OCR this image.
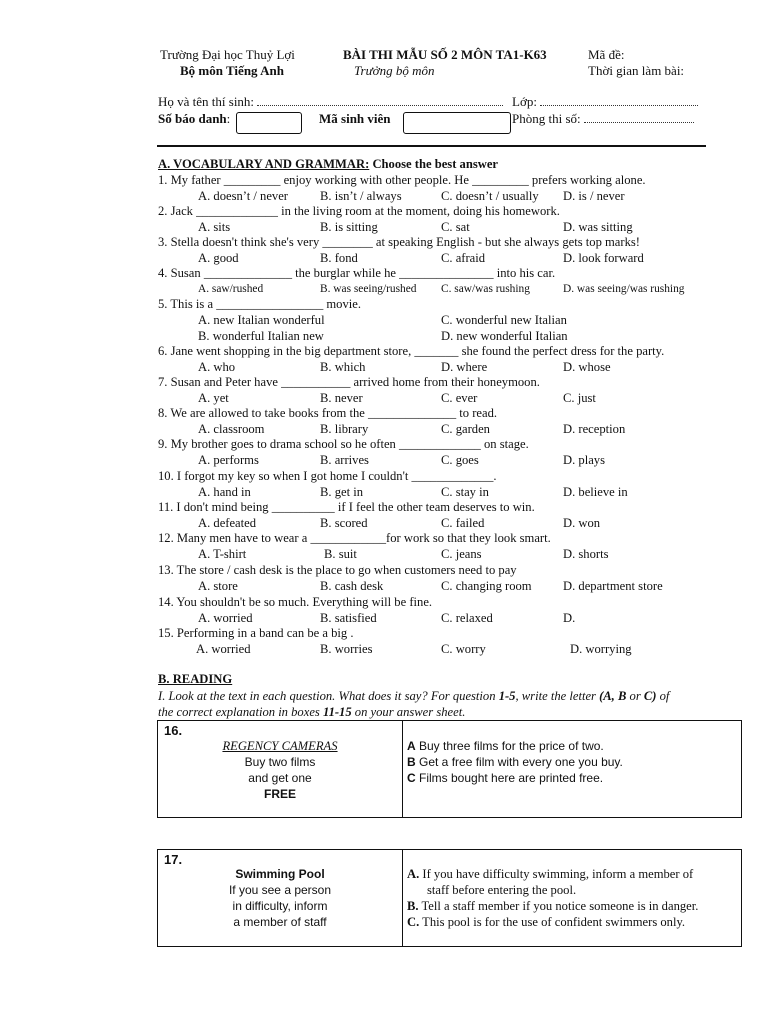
Trường Đại học Thuỷ Lợi
Bộ môn Tiếng Anh
BÀI THI MẪU SỐ 2 MÔN TA1-K63
Trưởng bộ môn
Mã đề:
Thời gian làm bài:
Họ và tên thí sinh:	Lớp:
Số báo danh:	Mã sinh viên	Phòng thi số:
A. VOCABULARY AND GRAMMAR: Choose the best answer
1. My father _________ enjoy working with other people. He _________ prefers working alone.
A. doesn’t / never	B. isn’t / always	C. doesn’t / usually D. is / never
2. Jack _____________ in the living room at the moment, doing his homework.
A. sits	B. is sitting	C. sat	D. was sitting
3. Stella doesn't think she's very ________ at speaking English - but she always gets top marks!
A. good	B. fond	C. afraid	D. look forward
4. Susan ______________ the burglar while he _______________ into his car.
A. saw/rushed	B. was seeing/rushed C. saw/was rushing	D. was seeing/was rushing
5. This is a _________________ movie.
A. new Italian wonderful	C. wonderful new Italian
B. wonderful Italian new	D. new wonderful Italian
6. Jane went shopping in the big department store, _______ she found the perfect dress for the party.
A. who	B. which	D. where	D. whose
7. Susan and Peter have ___________ arrived home from their honeymoon.
A. yet	B. never	C. ever	C. just
8. We are allowed to take books from the ______________ to read.
A. classroom	B. library	C. garden	D. reception
9. My brother goes to drama school so he often _____________ on stage.
A. performs	B. arrives	C. goes	D. plays
10. I forgot my key so when I got home I couldn't _____________.
A. hand in	B. get in	C. stay in	D. believe in
11. I don't mind being __________ if I feel the other team deserves to win.
A. defeated	B. scored	C. failed	D. won
12. Many men have to wear a ____________for work so that they look smart.
A. T-shirt	B. suit	C. jeans	D. shorts
13. The store / cash desk is the place to go when customers need to pay
A. store	B. cash desk	C. changing room D. department store
14. You shouldn't be so much. Everything will be fine.
A. worried	B. satisfied	C. relaxed	D.
15. Performing in a band can be a big .
A. worried	B. worries	C. worry	D. worrying
B. READING
I. Look at the text in each question. What does it say? For question 1-5, write the letter (A, B or C) of
the correct explanation in boxes 11-15 on your answer sheet.
16.
REGENCY CAMERAS
Buy two films
and get one
FREE
A Buy three films for the price of two.
B Get a free film with every one you buy.
C Films bought here are printed free.
17.
Swimming Pool
If you see a person
in difficulty, inform
a member of staff
A. If you have difficulty swimming, inform a member of
staff before entering the pool.
B. Tell a staff member if you notice someone is in danger.
C. This pool is for the use of confident swimmers only.
